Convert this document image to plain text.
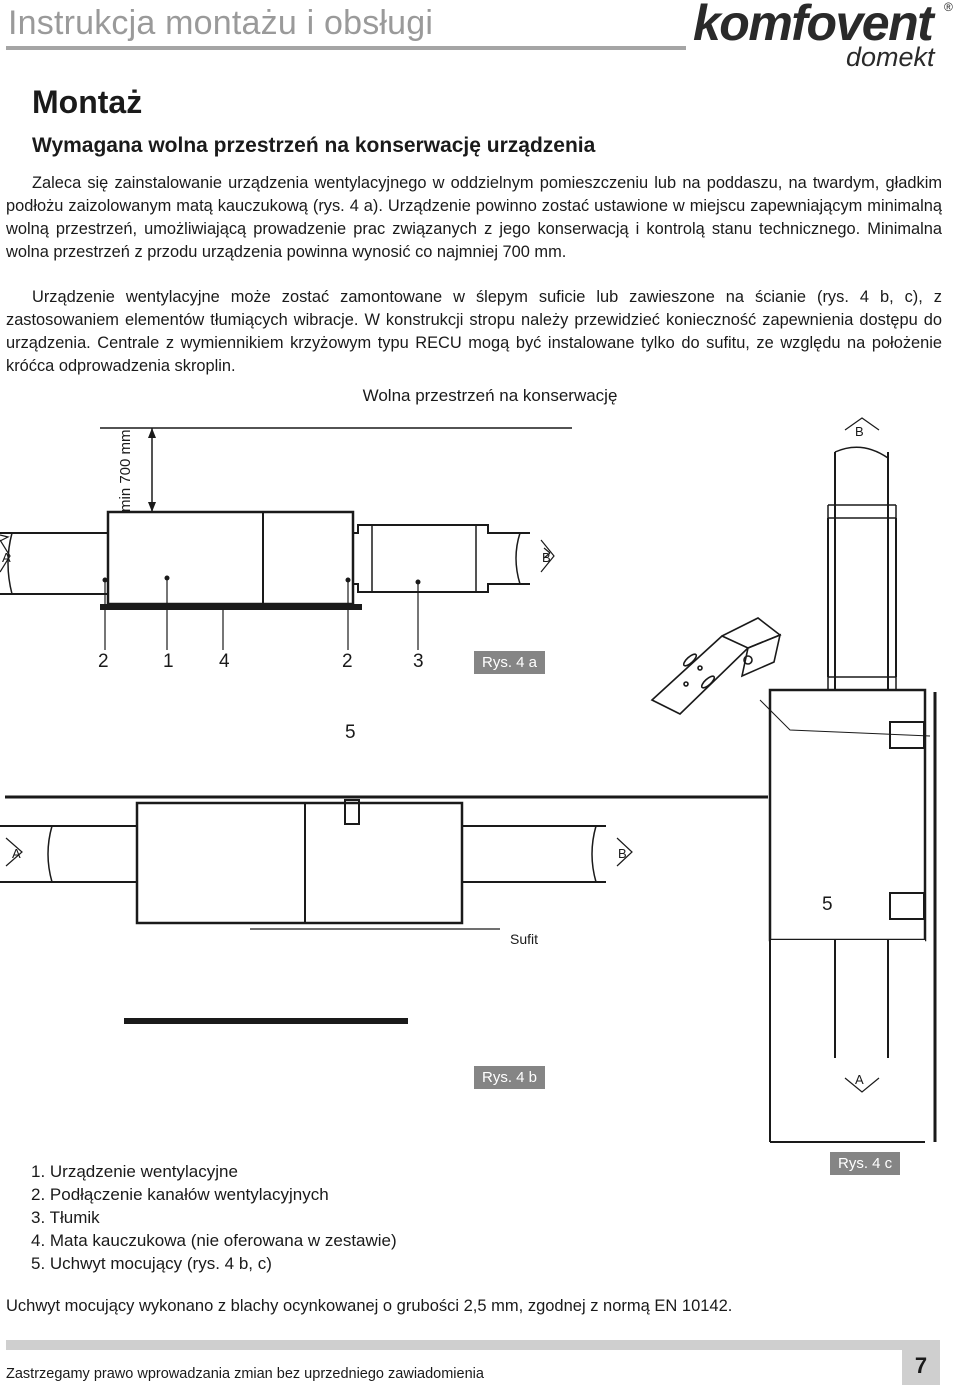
Instrukcja montażu i obsługi	komfovent ®
domekt
Montaż
Wymagana wolna przestrzeń na konserwację urządzenia
Zaleca się zainstalowanie urządzenia wentylacyjnego w oddzielnym pomieszczeniu lub na poddaszu, na twardym, gładkim podłożu zaizolowanym matą kauczukową (rys. 4 a). Urządzenie powinno zostać ustawione w miejscu zapewniającym minimalną wolną przestrzeń, umożliwiającą prowadzenie prac związanych z jego konserwacją i kontrolą stanu technicznego. Minimalna wolna przestrzeń z przodu urządzenia powinna wynosić co najmniej 700 mm.
Urządzenie wentylacyjne może zostać zamontowane w ślepym suficie lub zawieszone na ścianie (rys. 4 b, c), z zastosowaniem elementów tłumiących wibracje. W konstrukcji stropu należy przewidzieć konieczność zapewnienia dostępu do urządzenia. Centrale z wymiennikiem krzyżowym typu RECU mogą być instalowane tylko do sufitu, ze względu na położenie króćca odprowadzenia skroplin.
Wolna przestrzeń na konserwację
min 700 mm
A	B
2	1 4	2	3	Rys. 4 a
5
A	B
B
A
5
Sufit
Rys. 4 b
Rys. 4 c
1. Urządzenie wentylacyjne
2. Podłączenie kanałów wentylacyjnych
3. Tłumik
4. Mata kauczukowa (nie oferowana w zestawie)
5. Uchwyt mocujący (rys. 4 b, c)
Uchwyt mocujący wykonano z blachy ocynkowanej o grubości 2,5 mm, zgodnej z normą EN 10142.
Zastrzegamy prawo wprowadzania zmian bez uprzedniego zawiadomienia	7
